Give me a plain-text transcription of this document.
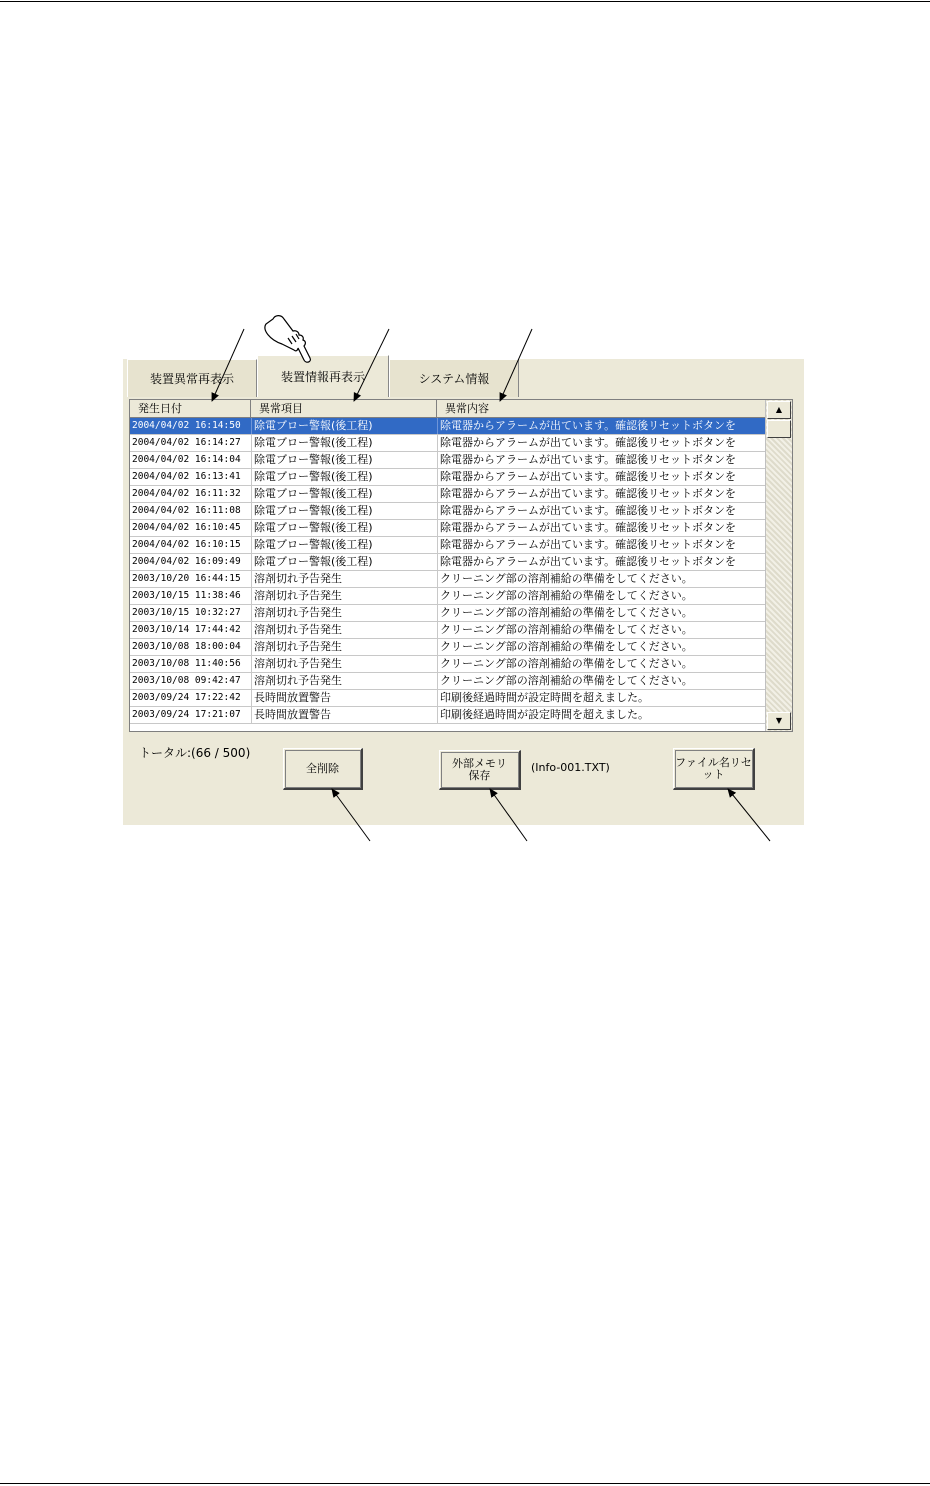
装置異常再表示	装置情報再表示	システム情報
発生日付	異常項目	異常内容
2004/04/02 16:14:50	除電ブロー警報(後工程)	除電器からアラームが出ています。確認後リセットボタンを
2004/04/02 16:14:27	除電ブロー警報(後工程)	除電器からアラームが出ています。確認後リセットボタンを
2004/04/02 16:14:04	除電ブロー警報(後工程)	除電器からアラームが出ています。確認後リセットボタンを
2004/04/02 16:13:41	除電ブロー警報(後工程)	除電器からアラームが出ています。確認後リセットボタンを
2004/04/02 16:11:32	除電ブロー警報(後工程)	除電器からアラームが出ています。確認後リセットボタンを
2004/04/02 16:11:08	除電ブロー警報(後工程)	除電器からアラームが出ています。確認後リセットボタンを
2004/04/02 16:10:45	除電ブロー警報(後工程)	除電器からアラームが出ています。確認後リセットボタンを
2004/04/02 16:10:15	除電ブロー警報(後工程)	除電器からアラームが出ています。確認後リセットボタンを
2004/04/02 16:09:49	除電ブロー警報(後工程)	除電器からアラームが出ています。確認後リセットボタンを
2003/10/20 16:44:15	溶剤切れ予告発生	クリーニング部の溶剤補給の準備をしてください。
2003/10/15 11:38:46	溶剤切れ予告発生	クリーニング部の溶剤補給の準備をしてください。
2003/10/15 10:32:27	溶剤切れ予告発生	クリーニング部の溶剤補給の準備をしてください。
2003/10/14 17:44:42	溶剤切れ予告発生	クリーニング部の溶剤補給の準備をしてください。
2003/10/08 18:00:04	溶剤切れ予告発生	クリーニング部の溶剤補給の準備をしてください。
2003/10/08 11:40:56	溶剤切れ予告発生	クリーニング部の溶剤補給の準備をしてください。
2003/10/08 09:42:47	溶剤切れ予告発生	クリーニング部の溶剤補給の準備をしてください。
2003/09/24 17:22:42	長時間放置警告	印刷後経過時間が設定時間を超えました。
2003/09/24 17:21:07	長時間放置警告	印刷後経過時間が設定時間を超えました。
▲
▼
トータル:(66 / 500)
全削除	外部メモリ
保存
(Info-001.TXT)	ファイル名リセット
